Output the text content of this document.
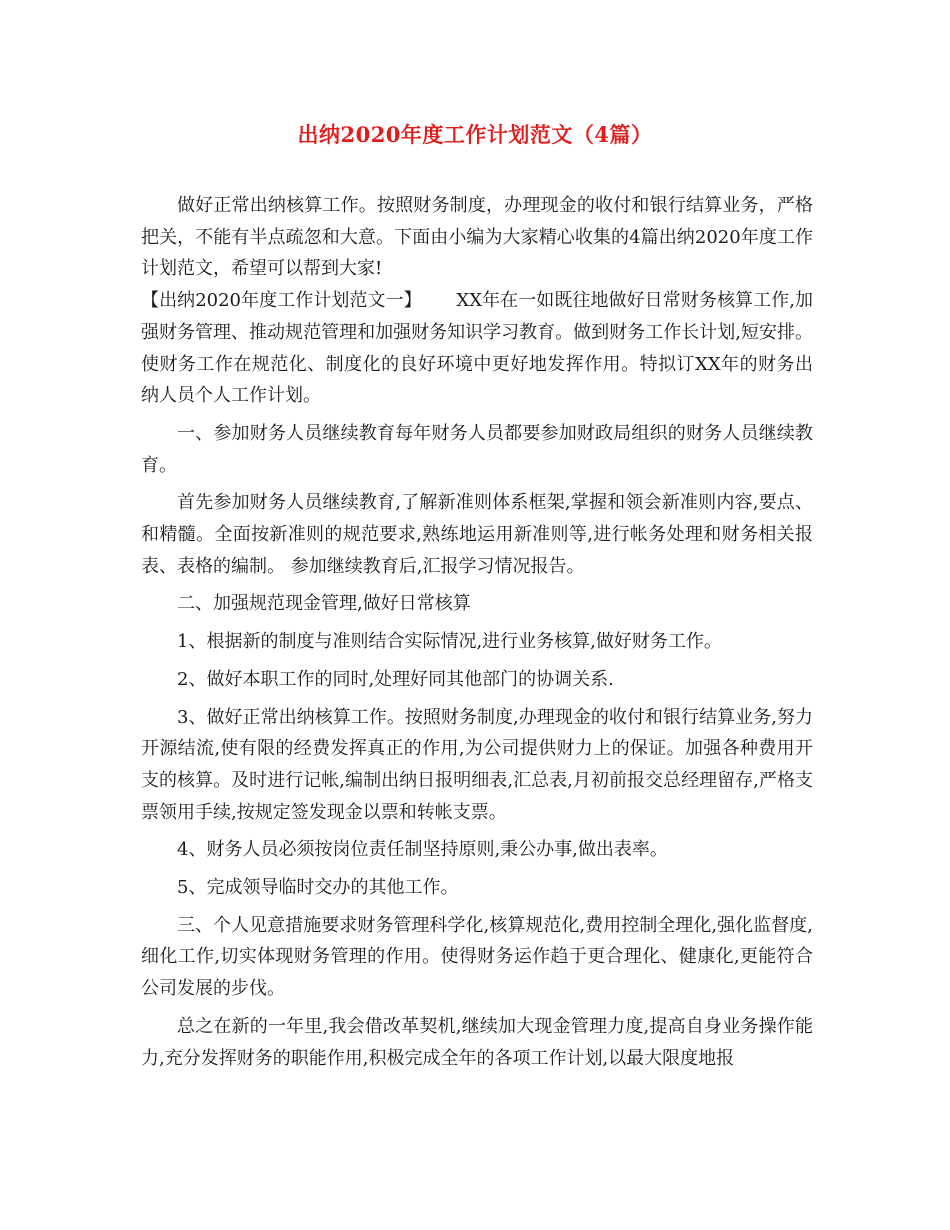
出纳2020年度工作计划范文（4篇）

做好正常出纳核算工作。按照财务制度，办理现金的收付和银行结算业务，严格把关，不能有半点疏忽和大意。下面由小编为大家精心收集的4篇出纳2020年度工作计划范文，希望可以帮到大家!

【出纳2020年度工作计划范文一】 XX年在一如既往地做好日常财务核算工作,加强财务管理、推动规范管理和加强财务知识学习教育。做到财务工作长计划,短安排。使财务工作在规范化、制度化的良好环境中更好地发挥作用。特拟订XX年的财务出纳人员个人工作计划。

一、参加财务人员继续教育每年财务人员都要参加财政局组织的财务人员继续教育。

首先参加财务人员继续教育,了解新准则体系框架,掌握和领会新准则内容,要点、和精髓。全面按新准则的规范要求,熟练地运用新准则等,进行帐务处理和财务相关报表、表格的编制。 参加继续教育后,汇报学习情况报告。

二、加强规范现金管理,做好日常核算

1、根据新的制度与准则结合实际情况,进行业务核算,做好财务工作。

2、做好本职工作的同时,处理好同其他部门的协调关系.

3、做好正常出纳核算工作。按照财务制度,办理现金的收付和银行结算业务,努力开源结流,使有限的经费发挥真正的作用,为公司提供财力上的保证。加强各种费用开支的核算。及时进行记帐,编制出纳日报明细表,汇总表,月初前报交总经理留存,严格支票领用手续,按规定签发现金以票和转帐支票。

4、财务人员必须按岗位责任制坚持原则,秉公办事,做出表率。

5、完成领导临时交办的其他工作。

三、个人见意措施要求财务管理科学化,核算规范化,费用控制全理化,强化监督度,细化工作,切实体现财务管理的作用。使得财务运作趋于更合理化、健康化,更能符合公司发展的步伐。

总之在新的一年里,我会借改革契机,继续加大现金管理力度,提高自身业务操作能力,充分发挥财务的职能作用,积极完成全年的各项工作计划,以最大限度地报
